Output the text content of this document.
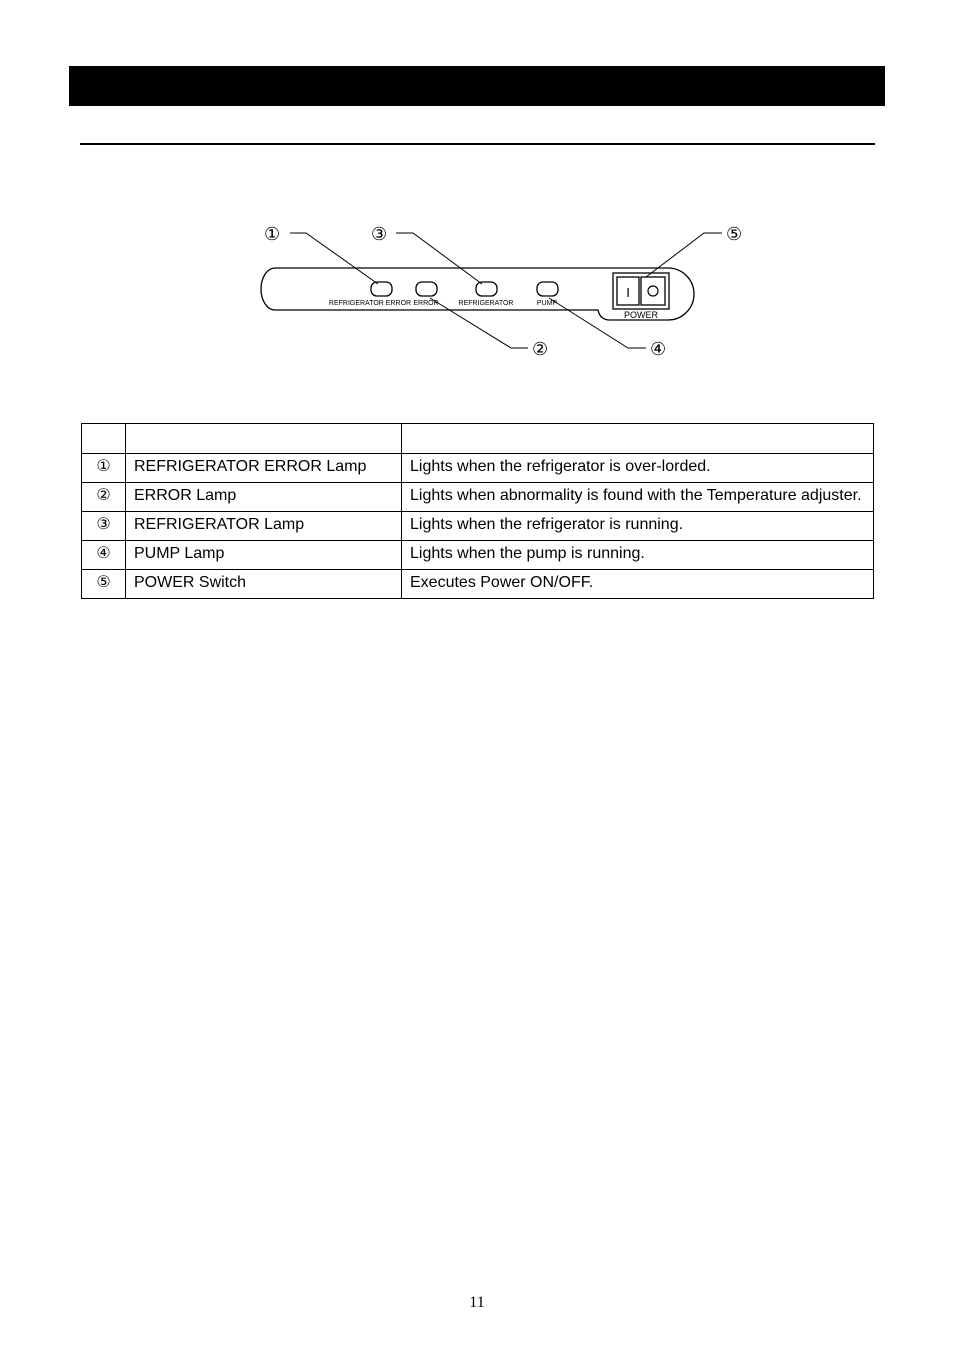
REFRIGERATOR ERROR ERROR	REFRIGERATOR	PUMP
I
POWER
①	③	⑤
②	④

①	REFRIGERATOR ERROR Lamp	Lights when the refrigerator is over-lorded.
②	ERROR Lamp	Lights when abnormality is found with the Temperature adjuster.
③	REFRIGERATOR Lamp	Lights when the refrigerator is running.
④	PUMP Lamp	Lights when the pump is running.
⑤	POWER Switch	Executes Power ON/OFF.
11
